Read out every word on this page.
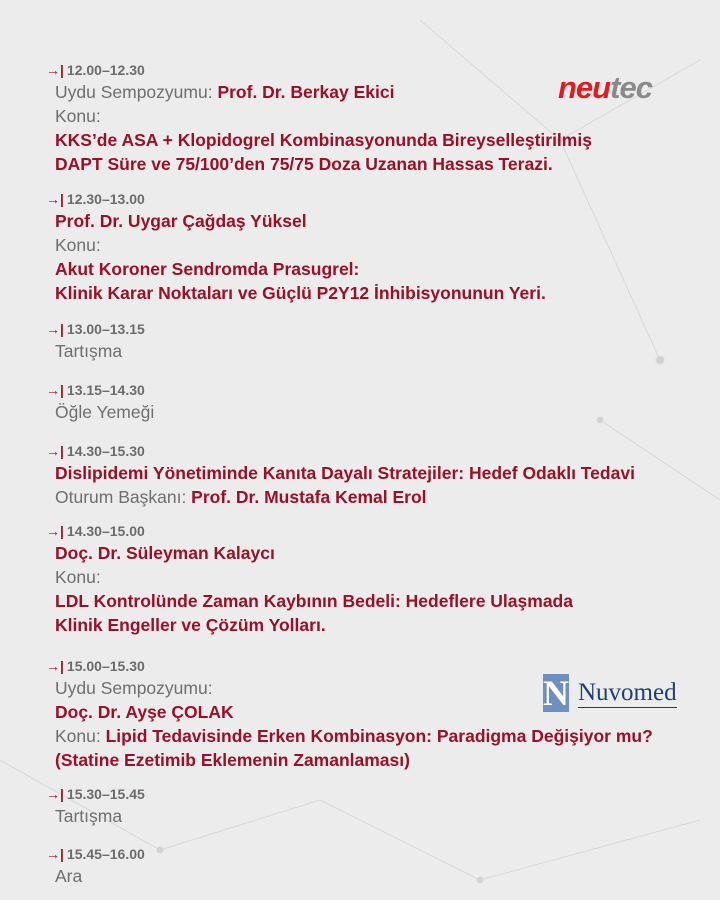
→| 12.00–12.30
Uydu Sempozyumu: Prof. Dr. Berkay Ekici
Konu:
KKS’de ASA + Klopidogrel Kombinasyonunda Bireyselleştirilmiş
DAPT Süre ve 75/100’den 75/75 Doza Uzanan Hassas Terazi.
→| 12.30–13.00
Prof. Dr. Uygar Çağdaş Yüksel
Konu:
Akut Koroner Sendromda Prasugrel:
Klinik Karar Noktaları ve Güçlü P2Y12 İnhibisyonunun Yeri.
→| 13.00–13.15
Tartışma
→| 13.15–14.30
Öğle Yemeği
→| 14.30–15.30
Dislipidemi Yönetiminde Kanıta Dayalı Stratejiler: Hedef Odaklı Tedavi
Oturum Başkanı: Prof. Dr. Mustafa Kemal Erol
→| 14.30–15.00
Doç. Dr. Süleyman Kalaycı
Konu:
LDL Kontrolünde Zaman Kaybının Bedeli: Hedeflere Ulaşmada
Klinik Engeller ve Çözüm Yolları.
→| 15.00–15.30
Uydu Sempozyumu:
Doç. Dr. Ayşe ÇOLAK
Konu: Lipid Tedavisinde Erken Kombinasyon: Paradigma Değişiyor mu?
(Statine Ezetimib Eklemenin Zamanlaması)
→| 15.30–15.45
Tartışma
→| 15.45–16.00
Ara
neutec
N Nuvomed
